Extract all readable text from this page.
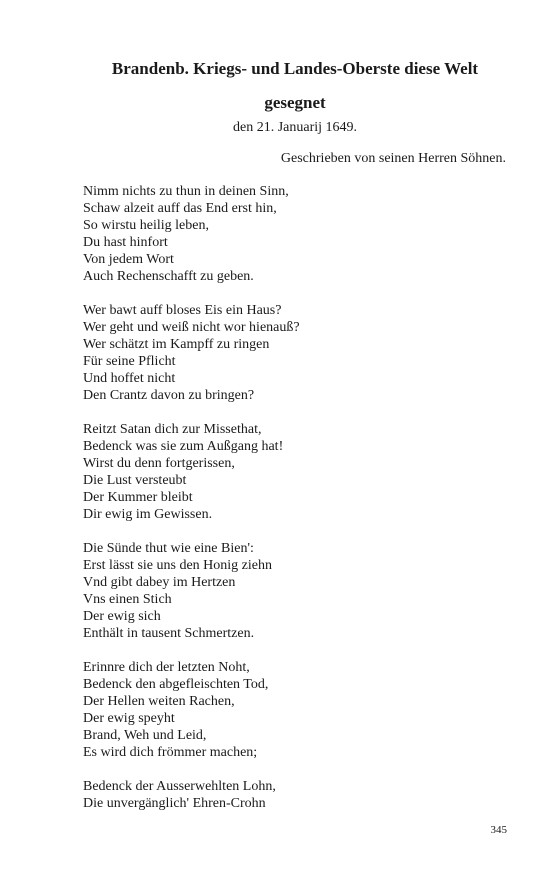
Brandenb. Kriegs- und Landes-Oberste diese Welt
gesegnet
den 21. Januarij 1649.
Geschrieben von seinen Herren Söhnen.
Nimm nichts zu thun in deinen Sinn,
Schaw alzeit auff das End erst hin,
So wirstu heilig leben,
Du hast hinfort
Von jedem Wort
Auch Rechenschafft zu geben.
Wer bawt auff bloses Eis ein Haus?
Wer geht und weiß nicht wor hienauß?
Wer schätzt im Kampff zu ringen
Für seine Pflicht
Und hoffet nicht
Den Crantz davon zu bringen?
Reitzt Satan dich zur Missethat,
Bedenck was sie zum Außgang hat!
Wirst du denn fortgerissen,
Die Lust versteubt
Der Kummer bleibt
Dir ewig im Gewissen.
Die Sünde thut wie eine Bien':
Erst lässt sie uns den Honig ziehn
Vnd gibt dabey im Hertzen
Vns einen Stich
Der ewig sich
Enthält in tausent Schmertzen.
Erinnre dich der letzten Noht,
Bedenck den abgefleischten Tod,
Der Hellen weiten Rachen,
Der ewig speyht
Brand, Weh und Leid,
Es wird dich frömmer machen;
Bedenck der Ausserwehlten Lohn,
Die unvergänglich' Ehren-Crohn
345
